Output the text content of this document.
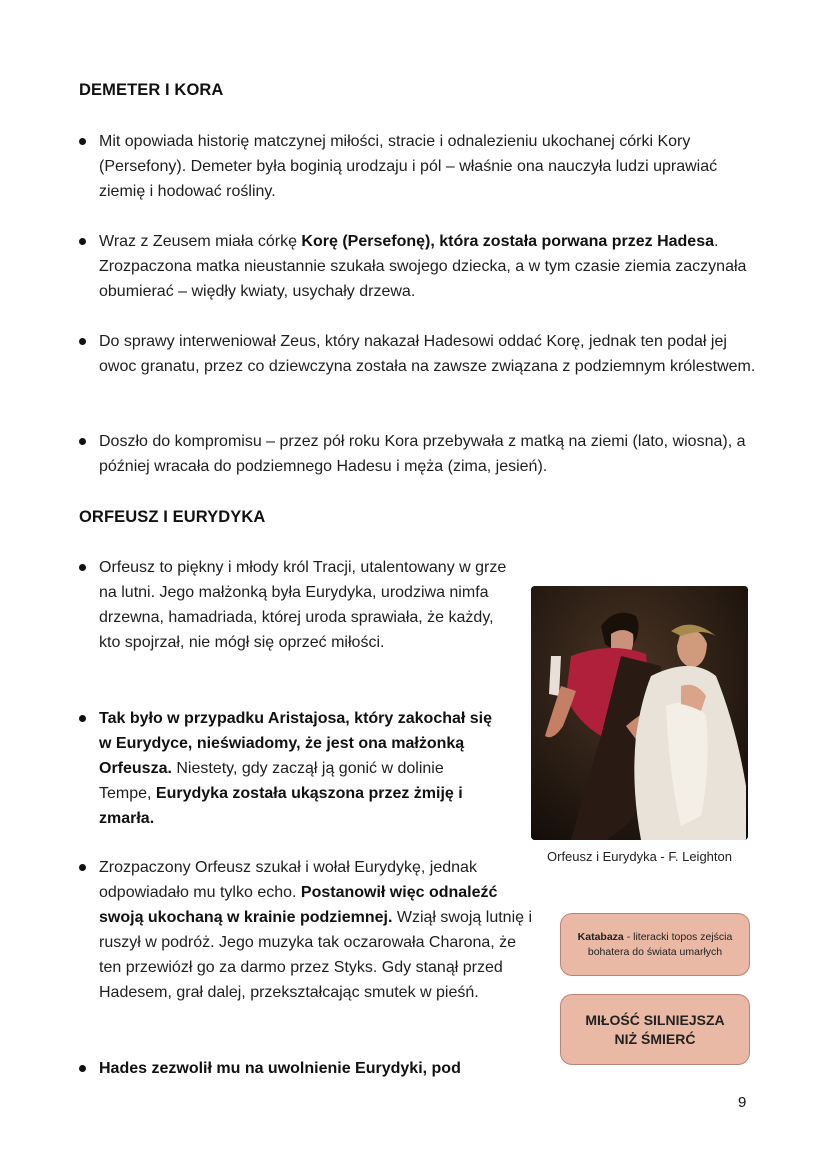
DEMETER I KORA
Mit opowiada historię matczynej miłości, stracie i odnalezieniu ukochanej córki Kory (Persefony). Demeter była boginią urodzaju i pól – właśnie ona nauczyła ludzi uprawiać ziemię i hodować rośliny.
Wraz z Zeusem miała córkę Korę (Persefonę), która została porwana przez Hadesa. Zrozpaczona matka nieustannie szukała swojego dziecka, a w tym czasie ziemia zaczynała obumierać – więdły kwiaty, usychały drzewa.
Do sprawy interweniował Zeus, który nakazał Hadesowi oddać Korę, jednak ten podał jej owoc granatu, przez co dziewczyna została na zawsze związana z podziemnym królestwem.
Doszło do kompromisu – przez pół roku Kora przebywała z matką na ziemi (lato, wiosna), a później wracała do podziemnego Hadesu i męża (zima, jesień).
ORFEUSZ I EURYDYKA
Orfeusz to piękny i młody król Tracji, utalentowany w grze na lutni. Jego małżonką była Eurydyka, urodziwa nimfa drzewna, hamadriada, której uroda sprawiała, że każdy, kto spojrzał, nie mógł się oprzeć miłości.
Tak było w przypadku Aristajosa, który zakochał się w Eurydyce, nieświadomy, że jest ona małżonką Orfeusza. Niestety, gdy zaczął ją gonić w dolinie Tempe, Eurydyka została ukąszona przez żmiję i zmarła.
Zrozpaczony Orfeusz szukał i wołał Eurydykę, jednak odpowiadało mu tylko echo. Postanowił więc odnaleźć swoją ukochaną w krainie podziemnej. Wziął swoją lutnię i ruszył w podróż. Jego muzyka tak oczarowała Charona, że ten przewiózł go za darmo przez Styks. Gdy stanął przed Hadesem, grał dalej, przekształcając smutek w pieśń.
Hades zezwolił mu na uwolnienie Eurydyki, pod
Orfeusz i Eurydyka - F. Leighton
Katabaza - literacki topos zejścia bohatera do świata umarłych
MIŁOŚĆ SILNIEJSZA NIŻ ŚMIERĆ
9
